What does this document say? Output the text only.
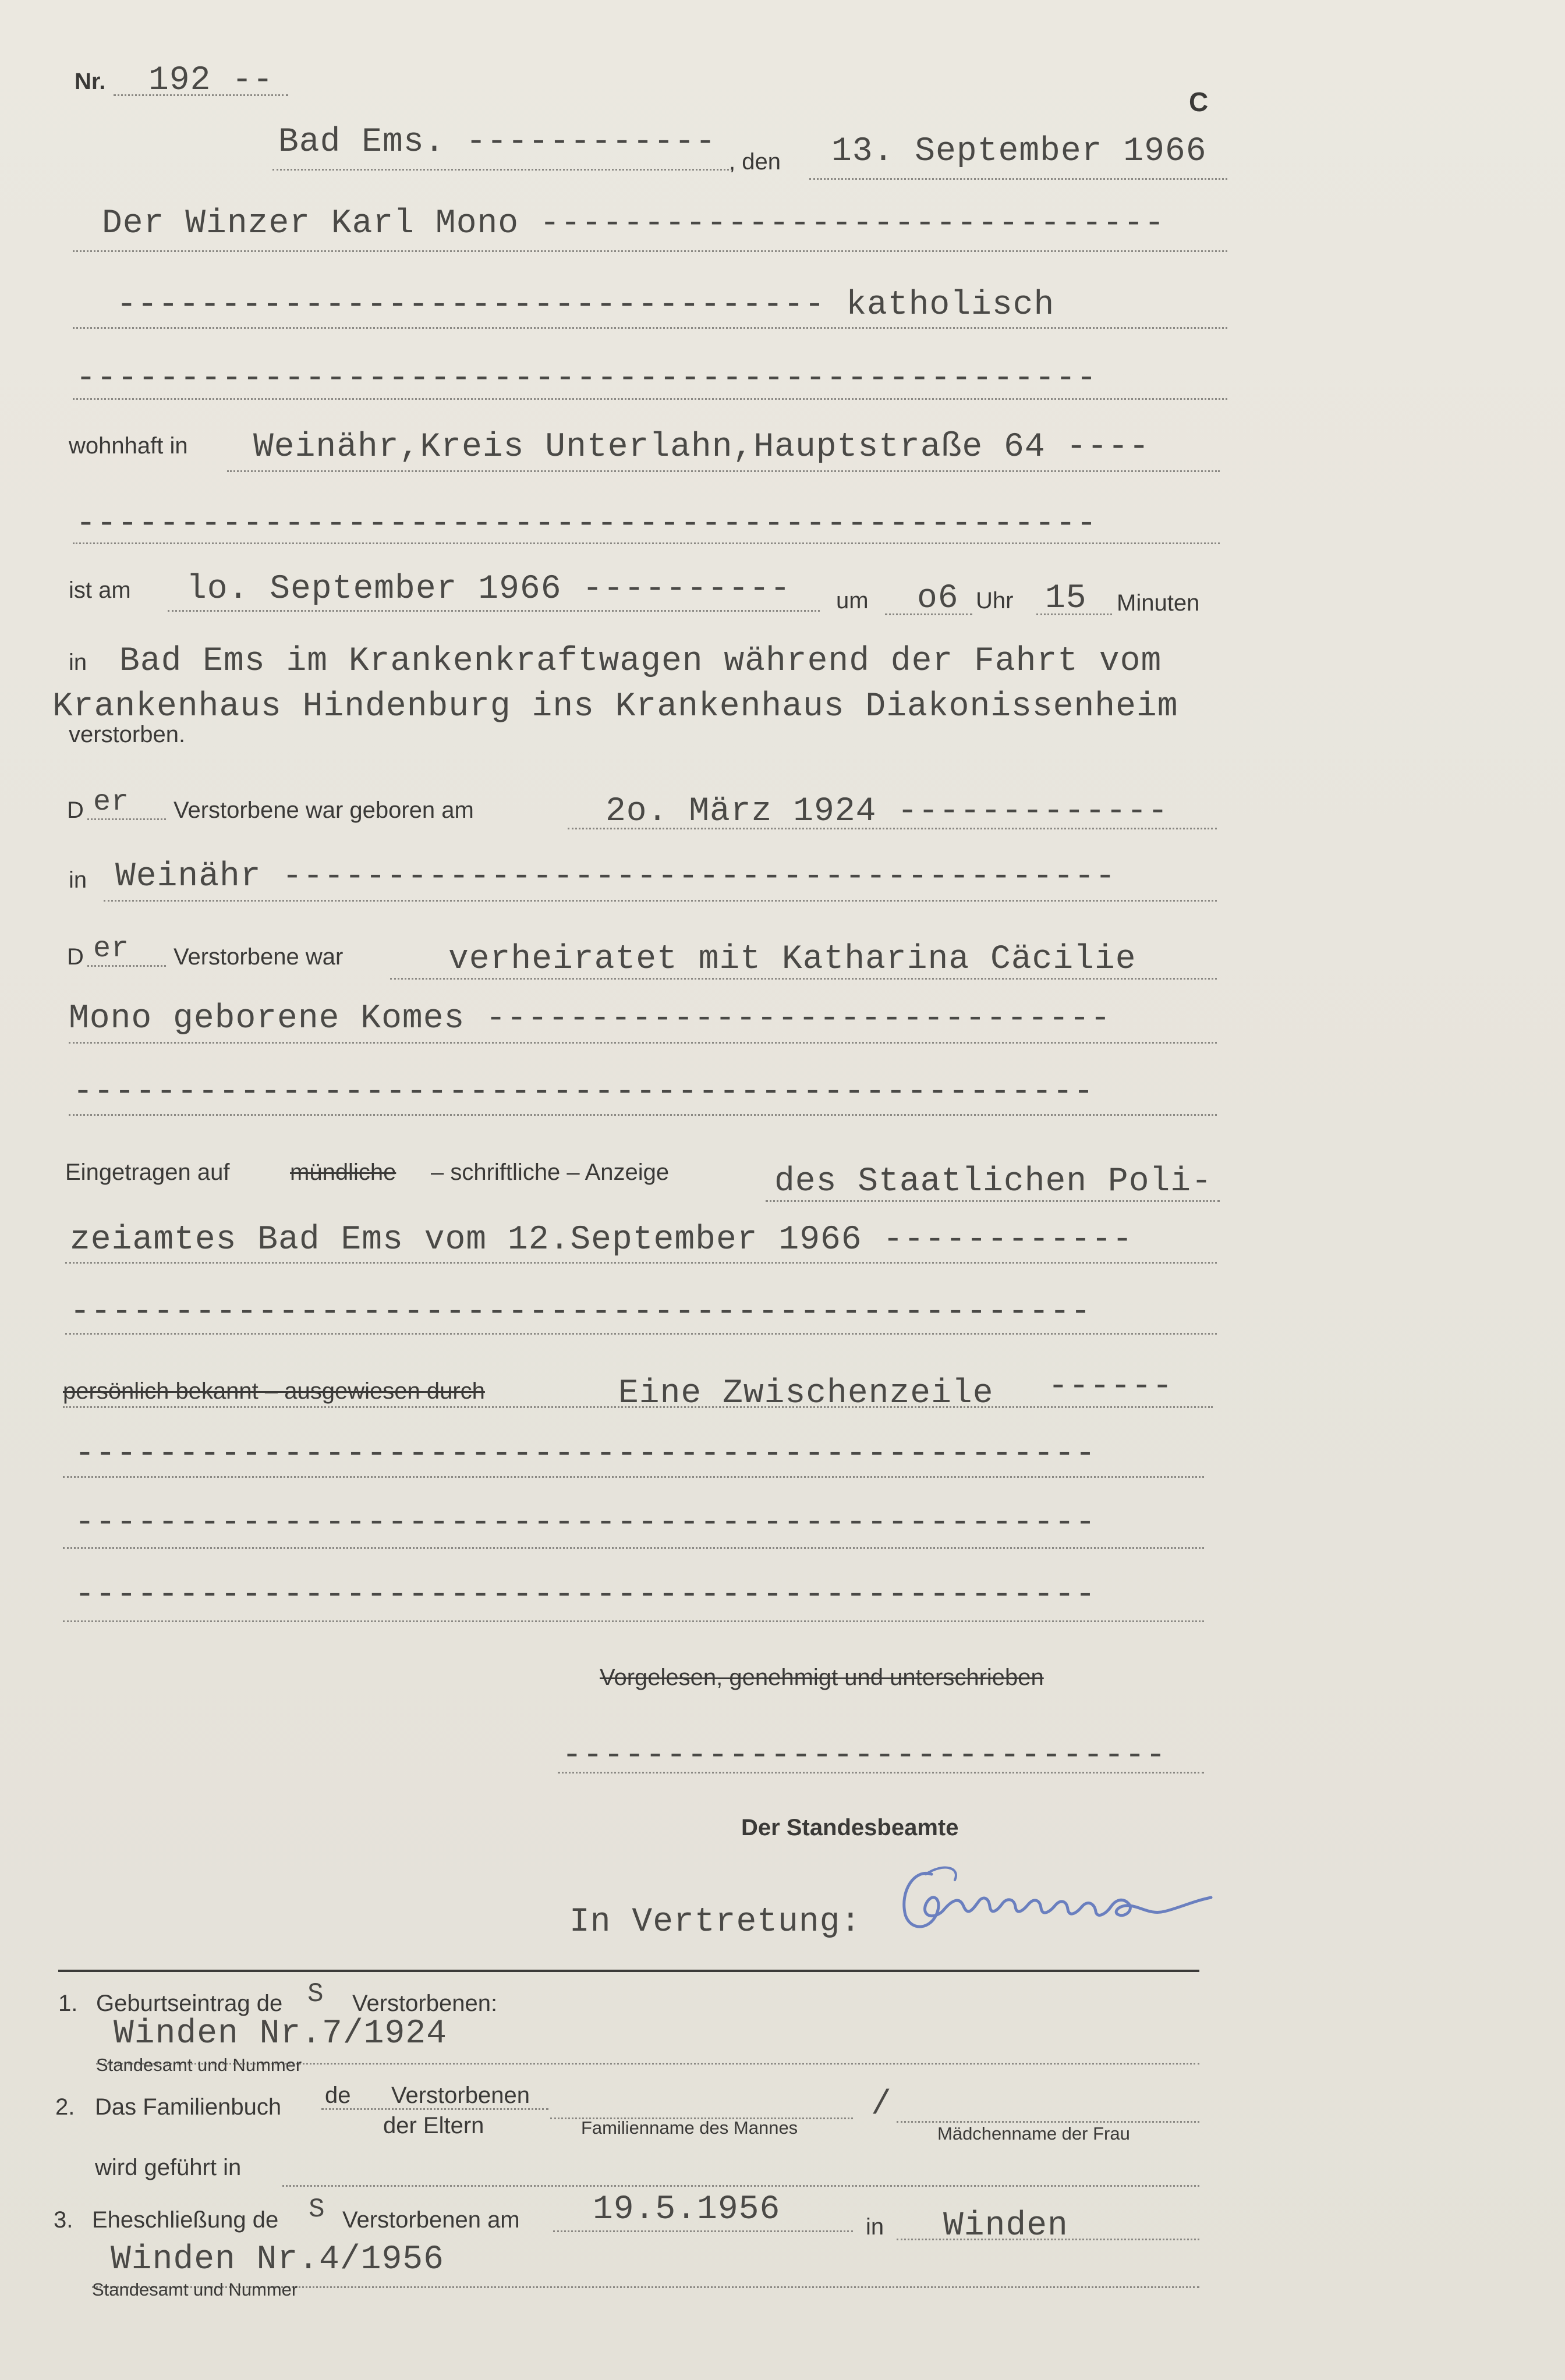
Nr. 192 --
C
Bad Ems. ------------
, den 13. September 1966
Der Winzer Karl Mono ------------------------------
---------------------------------- katholisch
-------------------------------------------------
wohnhaft in Weinähr,Kreis Unterlahn,Hauptstraße 64 ----
-------------------------------------------------
ist am lo. September 1966 ---------- um o6 Uhr 15 Minuten
in Bad Ems im Krankenkraftwagen während der Fahrt vom
Krankenhaus Hindenburg ins Krankenhaus Diakonissenheim
verstorben.
D er Verstorbene war geboren am	2o. März 1924 -------------
in Weinähr ----------------------------------------
D er Verstorbene war	verheiratet mit Katharina Cäcilie
Mono geborene Komes ------------------------------
-------------------------------------------------
Eingetragen auf	mündliche – schriftliche – Anzeige	des Staatlichen Poli-
zeiamtes Bad Ems vom 12.September 1966 ------------
-------------------------------------------------
persönlich bekannt – ausgewiesen durch	Eine Zwischenzeile ------
-------------------------------------------------
-------------------------------------------------
-------------------------------------------------
Vorgelesen, genehmigt und unterschrieben
-----------------------------
Der Standesbeamte
In Vertretung:
1. Geburtseintrag de S Verstorbenen:
Winden Nr.7/1924
Standesamt und Nummer
2. Das Familienbuch de Verstorbenen
der Eltern	Familienname des Mannes
/
Mädchenname der Frau
wird geführt in
3. Eheschließung de S Verstorbenen am 19.5.1956	in Winden
Winden Nr.4/1956
Standesamt und Nummer
